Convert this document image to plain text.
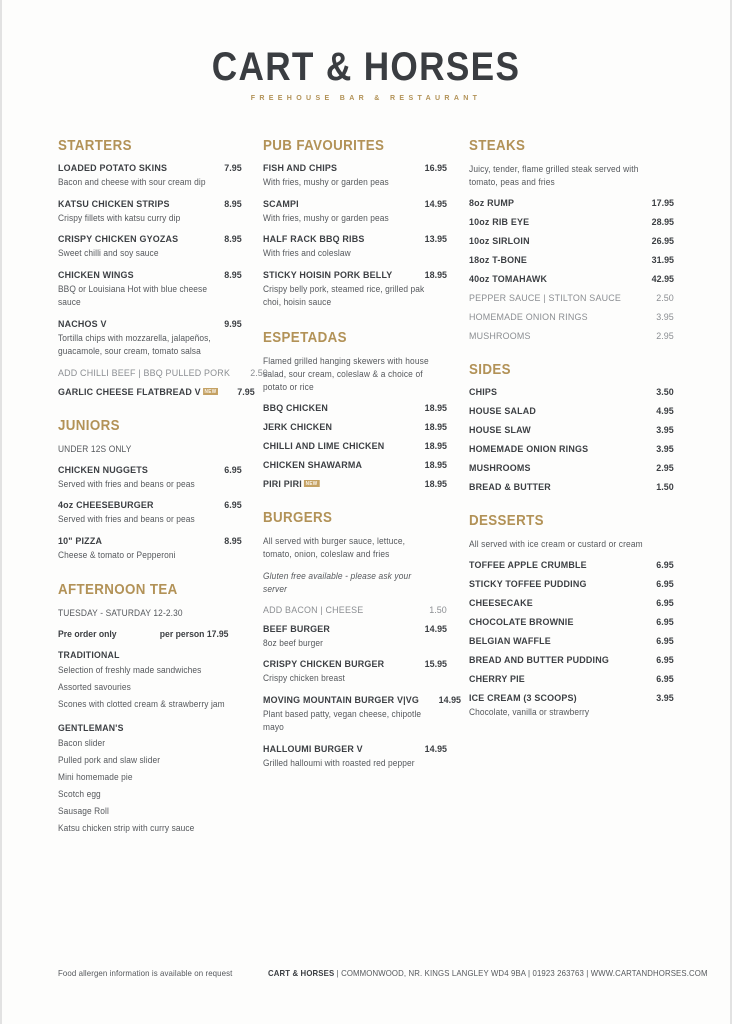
CART & HORSES
FREEHOUSE BAR & RESTAURANT
STARTERS
LOADED POTATO SKINS	7.95
Bacon and cheese with sour cream dip
KATSU CHICKEN STRIPS	8.95
Crispy fillets with katsu curry dip
CRISPY CHICKEN GYOZAS	8.95
Sweet chilli and soy sauce
CHICKEN WINGS	8.95
BBQ or Louisiana Hot with blue cheese sauce
NACHOS V	9.95
Tortilla chips with mozzarella, jalapeños, guacamole, sour cream, tomato salsa
ADD CHILLI BEEF | BBQ PULLED PORK 2.50
GARLIC CHEESE FLATBREAD V NEW 7.95
JUNIORS
UNDER 12S ONLY
CHICKEN NUGGETS	6.95
Served with fries and beans or peas
4oz CHEESEBURGER	6.95
Served with fries and beans or peas
10" PIZZA	8.95
Cheese & tomato or Pepperoni
AFTERNOON TEA
TUESDAY - SATURDAY 12-2.30
Pre order only	per person 17.95
TRADITIONAL
Selection of freshly made sandwiches
Assorted savouries
Scones with clotted cream & strawberry jam
GENTLEMAN'S
Bacon slider
Pulled pork and slaw slider
Mini homemade pie
Scotch egg
Sausage Roll
Katsu chicken strip with curry sauce
PUB FAVOURITES
FISH AND CHIPS	16.95
With fries, mushy or garden peas
SCAMPI	14.95
With fries, mushy or garden peas
HALF RACK BBQ RIBS	13.95
With fries and coleslaw
STICKY HOISIN PORK BELLY	18.95
Crispy belly pork, steamed rice, grilled pak choi, hoisin sauce
ESPETADAS
Flamed grilled hanging skewers with house salad, sour cream, coleslaw & a choice of potato or rice
BBQ CHICKEN	18.95
JERK CHICKEN	18.95
CHILLI AND LIME CHICKEN	18.95
CHICKEN SHAWARMA	18.95
PIRI PIRI NEW	18.95
BURGERS
All served with burger sauce, lettuce, tomato, onion, coleslaw and fries
Gluten free available - please ask your server
ADD BACON | CHEESE	1.50
BEEF BURGER	14.95
8oz beef burger
CRISPY CHICKEN BURGER	15.95
Crispy chicken breast
MOVING MOUNTAIN BURGER V|VG 14.95
Plant based patty, vegan cheese, chipotle mayo
HALLOUMI BURGER V	14.95
Grilled halloumi with roasted red pepper
STEAKS
Juicy, tender, flame grilled steak served with tomato, peas and fries
8oz RUMP	17.95
10oz RIB EYE	28.95
10oz SIRLOIN	26.95
18oz T-BONE	31.95
40oz TOMAHAWK	42.95
PEPPER SAUCE | STILTON SAUCE	2.50
HOMEMADE ONION RINGS	3.95
MUSHROOMS	2.95
SIDES
CHIPS	3.50
HOUSE SALAD	4.95
HOUSE SLAW	3.95
HOMEMADE ONION RINGS	3.95
MUSHROOMS	2.95
BREAD & BUTTER	1.50
DESSERTS
All served with ice cream or custard or cream
TOFFEE APPLE CRUMBLE	6.95
STICKY TOFFEE PUDDING	6.95
CHEESECAKE	6.95
CHOCOLATE BROWNIE	6.95
BELGIAN WAFFLE	6.95
BREAD AND BUTTER PUDDING	6.95
CHERRY PIE	6.95
ICE CREAM (3 SCOOPS)	3.95
Chocolate, vanilla or strawberry
Food allergen information is available on request	CART & HORSES | COMMONWOOD, NR. KINGS LANGLEY WD4 9BA | 01923 263763 | WWW.CARTANDHORSES.COM
